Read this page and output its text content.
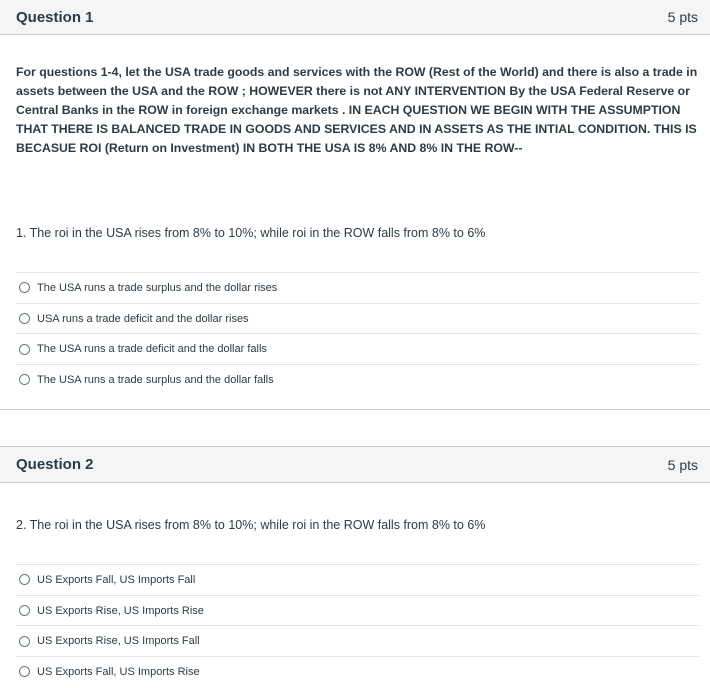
Question 1	5 pts
For questions 1-4, let the USA trade goods and services with the ROW (Rest of the World) and there is also a trade in assets between the USA and the ROW ; HOWEVER there is not ANY INTERVENTION By the USA Federal Reserve or Central Banks in the ROW in foreign exchange markets . IN EACH QUESTION WE BEGIN WITH THE ASSUMPTION THAT THERE IS BALANCED TRADE IN GOODS AND SERVICES AND IN ASSETS AS THE INTIAL CONDITION. THIS IS BECASUE ROI (Return on Investment) IN BOTH THE USA IS 8% AND 8% IN THE ROW--
1. The roi in the USA rises from 8% to 10%; while roi in the ROW falls from 8% to 6%
The USA runs a trade surplus and the dollar rises
USA runs a trade deficit and the dollar rises
The USA runs a trade deficit and the dollar falls
The USA runs a trade surplus and the dollar falls
Question 2	5 pts
2. The roi in the USA rises from 8% to 10%; while roi in the ROW falls from 8% to 6%
US Exports Fall, US Imports Fall
US Exports Rise, US Imports Rise
US Exports Rise, US Imports Fall
US Exports Fall, US Imports Rise
